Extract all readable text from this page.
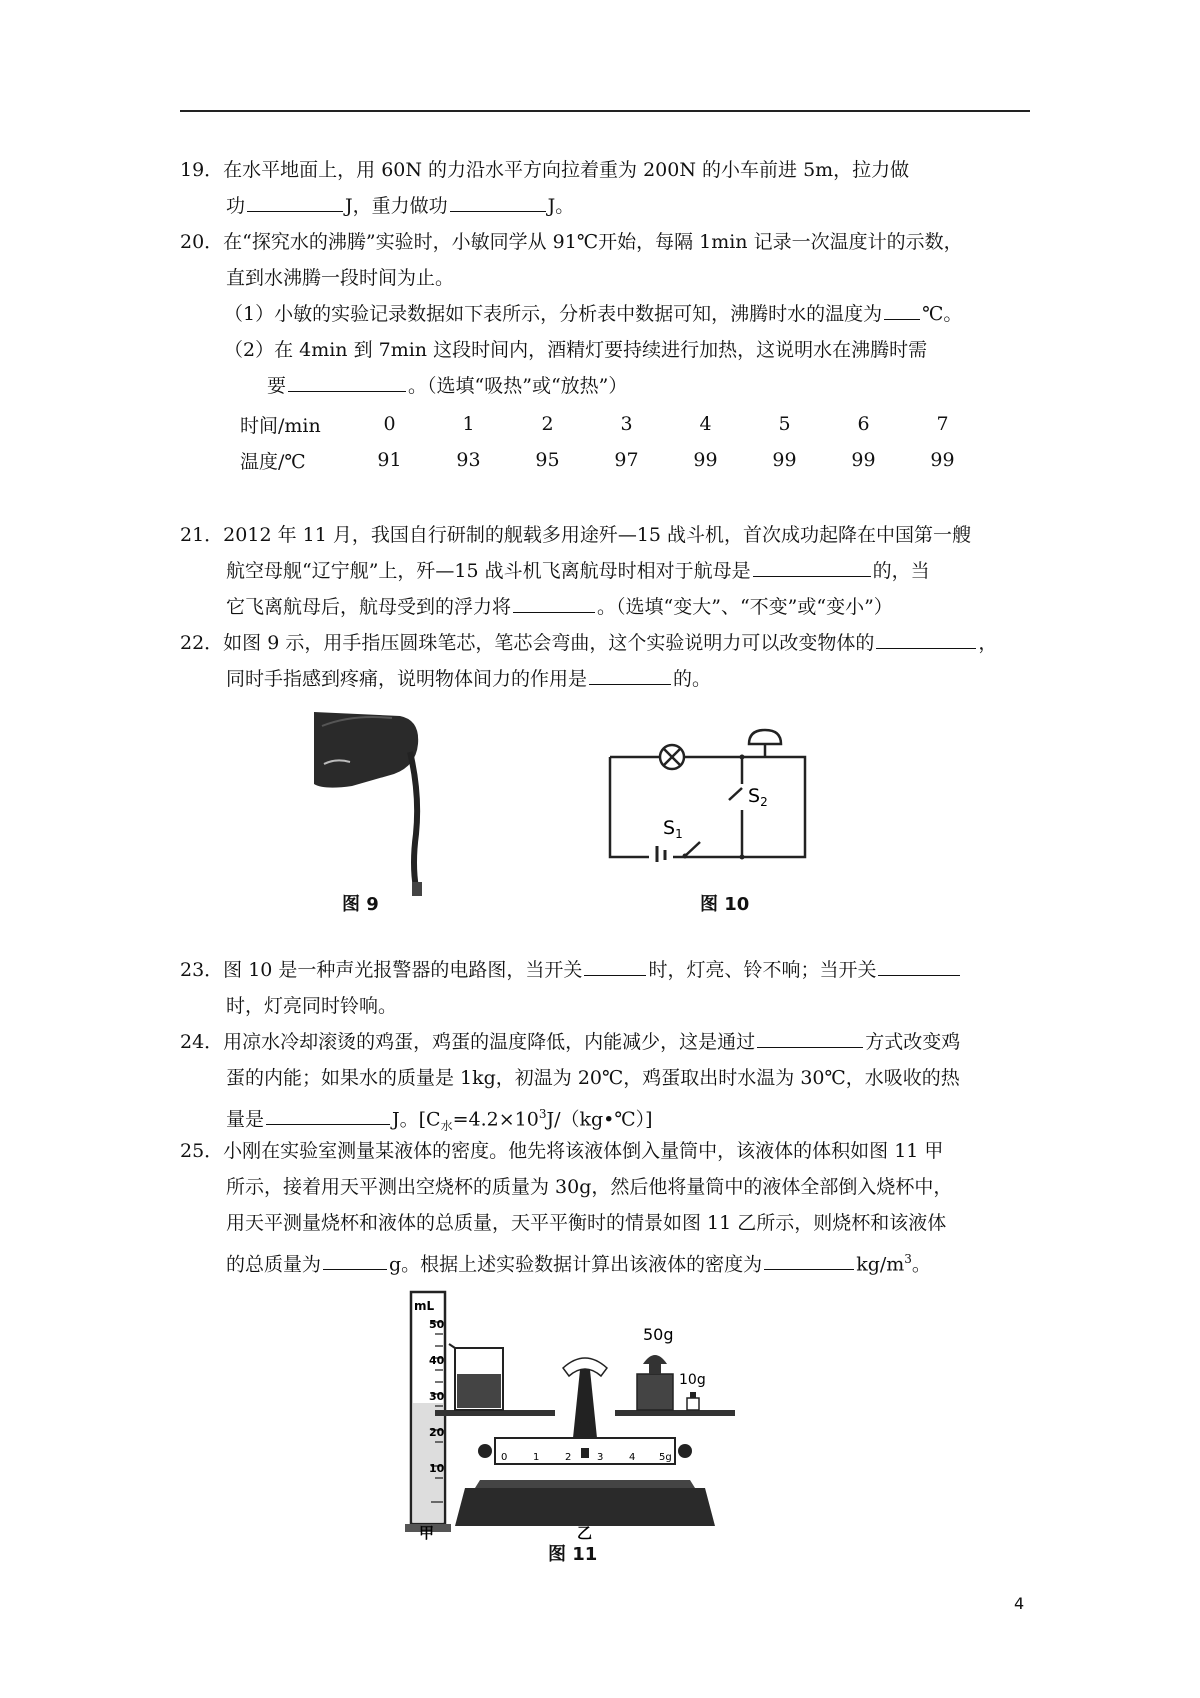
19．在水平地面上，用 60N 的力沿水平方向拉着重为 200N 的小车前进 5m，拉力做
功	J，重力做功	J。
20．在“探究水的沸腾”实验时，小敏同学从 91℃开始，每隔 1min 记录一次温度计的示数，
直到水沸腾一段时间为止。
（1）小敏的实验记录数据如下表所示，分析表中数据可知，沸腾时水的温度为 ℃。
（2）在 4min 到 7min 这段时间内，酒精灯要持续进行加热，这说明水在沸腾时需
要	。（选填“吸热”或“放热”）
时间/min	0	1	2	3	4	5	6	7
温度/℃	91	93	95	97	99	99	99	99
21．2012 年 11 月，我国自行研制的舰载多用途歼—15 战斗机，首次成功起降在中国第一艘
航空母舰“辽宁舰”上，歼—15 战斗机飞离航母时相对于航母是	的，当
它飞离航母后，航母受到的浮力将	。（选填“变大”、“不变”或“变小”）
22．如图 9 示，用手指压圆珠笔芯，笔芯会弯曲，这个实验说明力可以改变物体的	，
同时手指感到疼痛，说明物体间力的作用是	的。
图 9
$S_2$
$S_1$
图 10
23．图 10 是一种声光报警器的电路图，当开关	时，灯亮、铃不响；当开关
时，灯亮同时铃响。
24．用凉水冷却滚烫的鸡蛋，鸡蛋的温度降低，内能减少，这是通过	方式改变鸡
蛋的内能；如果水的质量是 1kg，初温为 20℃，鸡蛋取出时水温为 30℃，水吸收的热
量是	J。$[C_水=4.2\times 10^3J/(kg•℃)]$
25．小刚在实验室测量某液体的密度。他先将该液体倒入量筒中，该液体的体积如图 11 甲
所示，接着用天平测出空烧杯的质量为 30g，然后他将量筒中的液体全部倒入烧杯中，
用天平测量烧杯和液体的总质量，天平平衡时的情景如图 11 乙所示，则烧杯和该液体
的总质量为	g。根据上述实验数据计算出该液体的密度为	$kg/m^3$。
mL
50
40
30
20
10
甲
50g
10g
0	1	2	3	4 5g
乙
图 11
4
